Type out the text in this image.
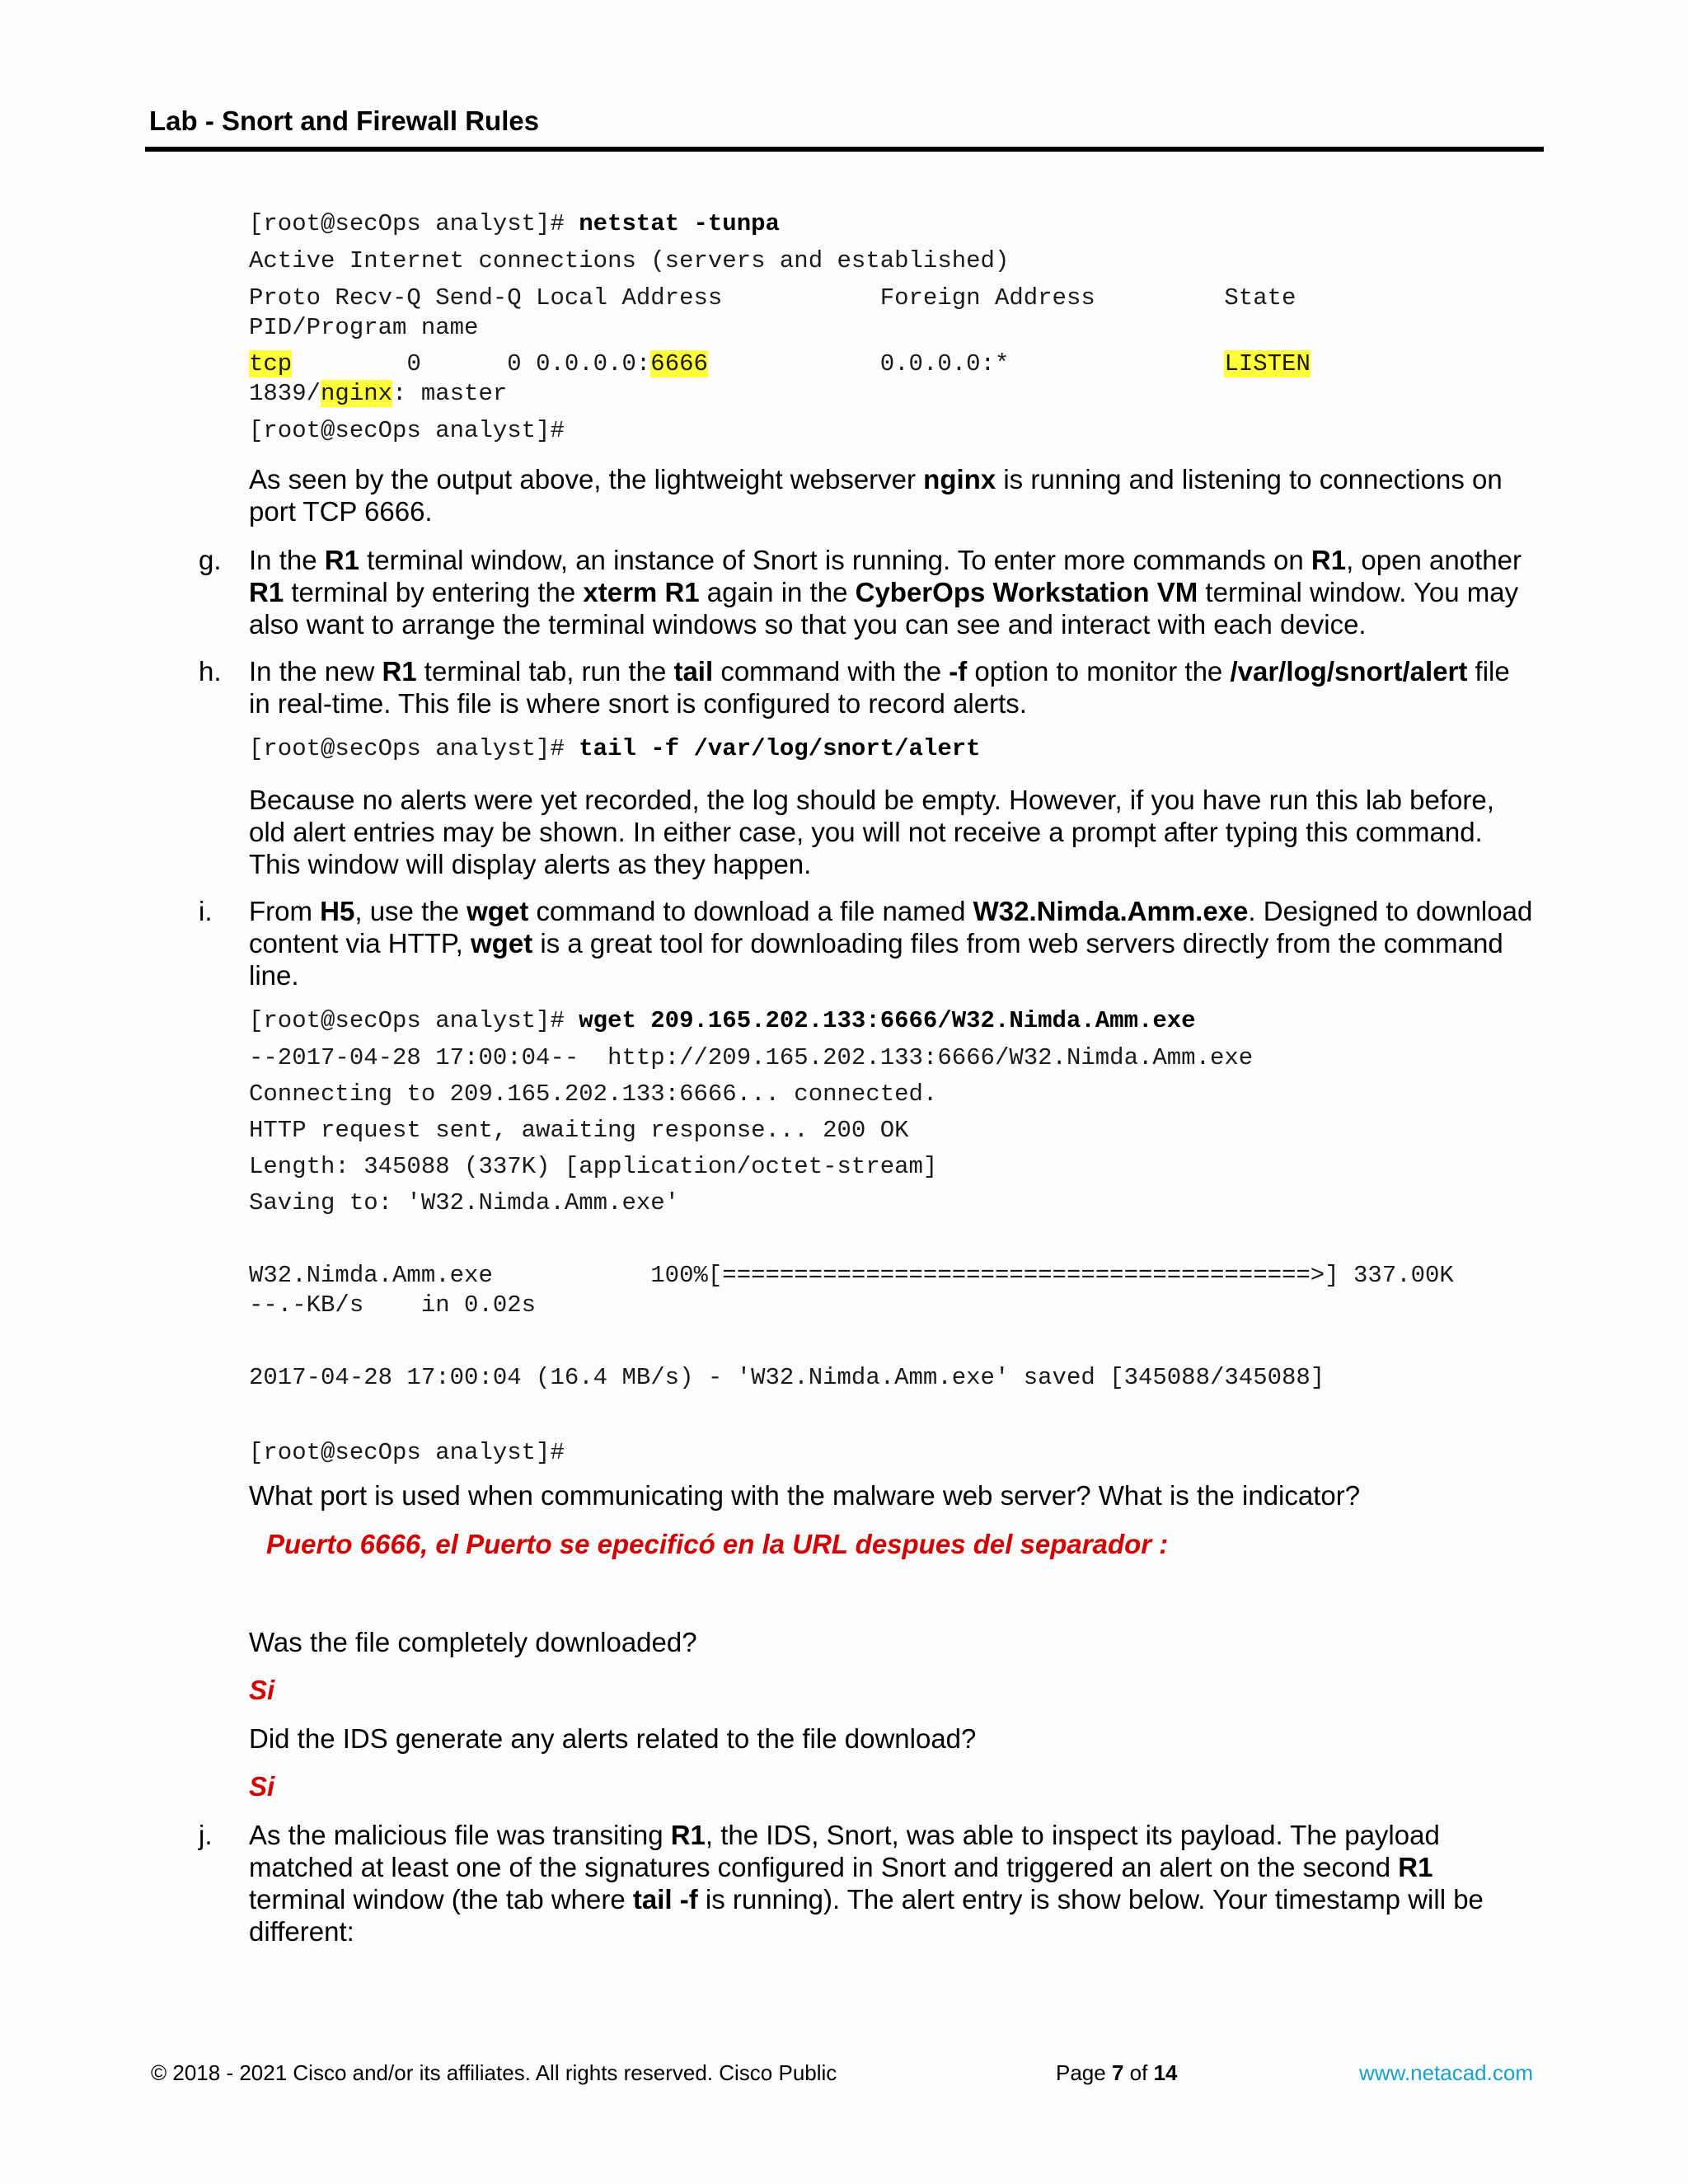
Lab - Snort and Firewall Rules
[root@secOps analyst]# netstat -tunpa
Active Internet connections (servers and established)
Proto Recv-Q Send-Q Local Address           Foreign Address         State
PID/Program name
tcp        0      0 0.0.0.0:6666            0.0.0.0:*               LISTEN
1839/nginx: master
[root@secOps analyst]#
As seen by the output above, the lightweight webserver nginx is running and listening to connections on port TCP 6666.
g. In the R1 terminal window, an instance of Snort is running. To enter more commands on R1, open another R1 terminal by entering the xterm R1 again in the CyberOps Workstation VM terminal window. You may also want to arrange the terminal windows so that you can see and interact with each device.
h. In the new R1 terminal tab, run the tail command with the -f option to monitor the /var/log/snort/alert file in real-time. This file is where snort is configured to record alerts.
[root@secOps analyst]# tail -f /var/log/snort/alert
Because no alerts were yet recorded, the log should be empty. However, if you have run this lab before, old alert entries may be shown. In either case, you will not receive a prompt after typing this command. This window will display alerts as they happen.
i. From H5, use the wget command to download a file named W32.Nimda.Amm.exe. Designed to download content via HTTP, wget is a great tool for downloading files from web servers directly from the command line.
[root@secOps analyst]# wget 209.165.202.133:6666/W32.Nimda.Amm.exe
--2017-04-28 17:00:04--  http://209.165.202.133:6666/W32.Nimda.Amm.exe
Connecting to 209.165.202.133:6666... connected.
HTTP request sent, awaiting response... 200 OK
Length: 345088 (337K) [application/octet-stream]
Saving to: 'W32.Nimda.Amm.exe'
W32.Nimda.Amm.exe           100%[=========================================>] 337.00K
--.-KB/s    in 0.02s
2017-04-28 17:00:04 (16.4 MB/s) - 'W32.Nimda.Amm.exe' saved [345088/345088]
[root@secOps analyst]#
What port is used when communicating with the malware web server? What is the indicator?
Puerto 6666, el Puerto se epecificó en la URL despues del separador :
Was the file completely downloaded?
Si
Did the IDS generate any alerts related to the file download?
Si
j. As the malicious file was transiting R1, the IDS, Snort, was able to inspect its payload. The payload matched at least one of the signatures configured in Snort and triggered an alert on the second R1 terminal window (the tab where tail -f is running). The alert entry is show below. Your timestamp will be different:
© 2018 - 2021 Cisco and/or its affiliates. All rights reserved. Cisco Public	Page 7 of 14	www.netacad.com
